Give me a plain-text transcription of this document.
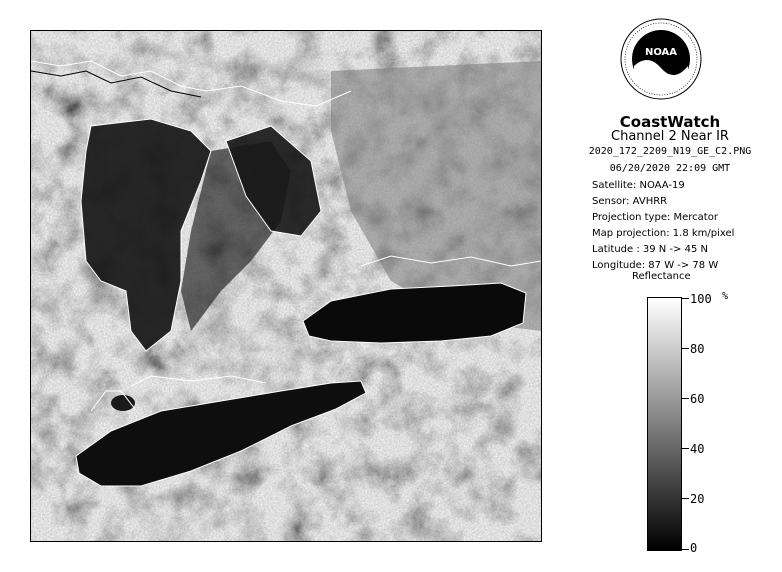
NOAA
CoastWatch
Channel 2 Near IR
2020_172_2209_N19_GE_C2.PNG
06/20/2020 22:09 GMT
Satellite: NOAA-19
Sensor: AVHRR
Projection type: Mercator
Map projection: 1.8 km/pixel
Latitude : 39 N -> 45 N
Longitude: 87 W -> 78 W
Reflectance
%
100
80
60
40
20
0
